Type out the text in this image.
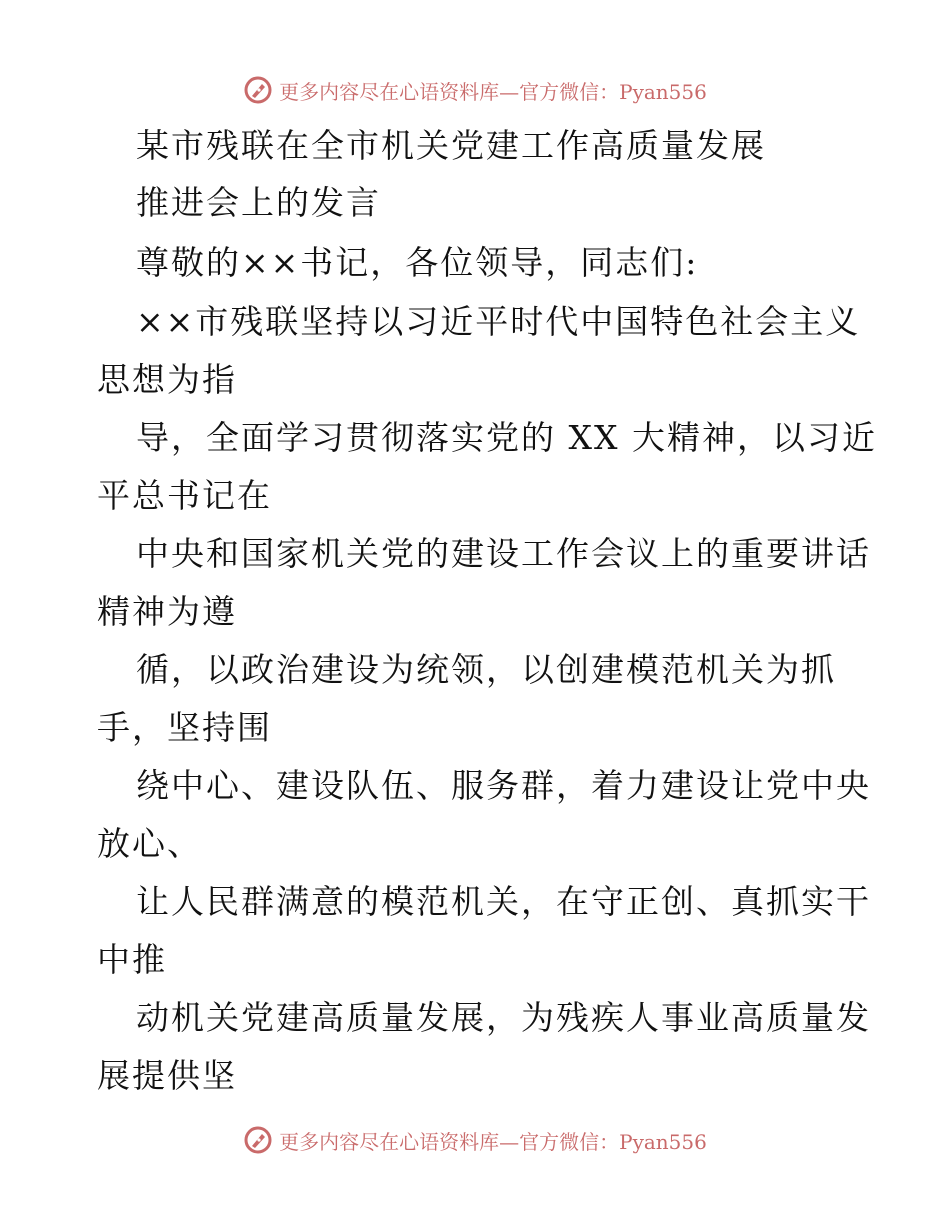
更多内容尽在心语资料库—官方微信：Pyan556
某市残联在全市机关党建工作高质量发展
推进会上的发言
尊敬的××书记，各位领导，同志们:
××市残联坚持以习近平时代中国特色社会主义
思想为指
导，全面学习贯彻落实党的 XX 大精神，以习近
平总书记在
中央和国家机关党的建设工作会议上的重要讲话
精神为遵
循，以政治建设为统领，以创建模范机关为抓
手，坚持围
绕中心、建设队伍、服务群，着力建设让党中央
放心、
让人民群满意的模范机关，在守正创、真抓实干
中推
动机关党建高质量发展，为残疾人事业高质量发
展提供坚
更多内容尽在心语资料库—官方微信：Pyan556
